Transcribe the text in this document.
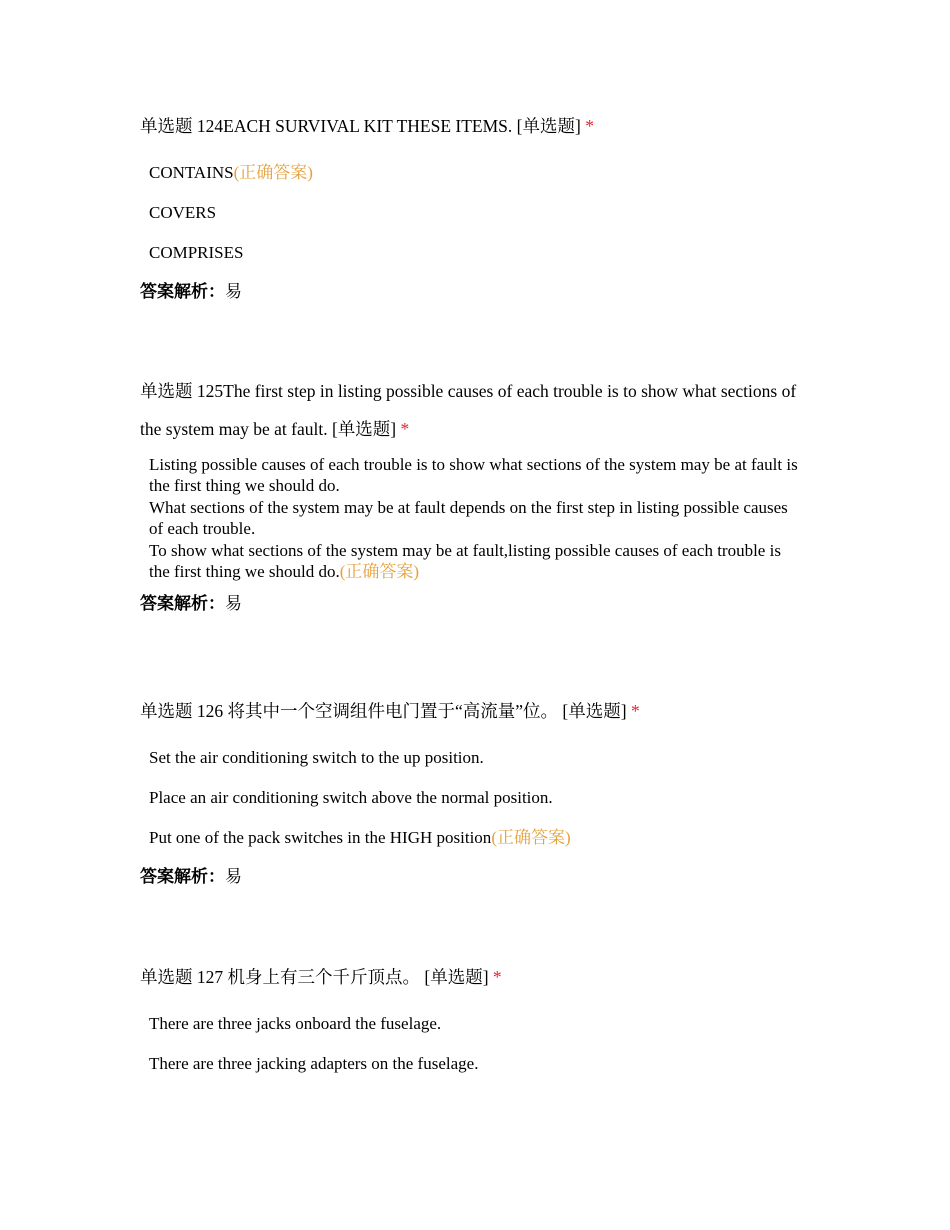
单选题 124EACH SURVIVAL KIT THESE ITEMS. [单选题] *
CONTAINS(正确答案)
COVERS
COMPRISES
答案解析：易
单选题 125The first step in listing possible causes of each trouble is to show what sections of the system may be at fault. [单选题] *
Listing possible causes of each trouble is to show what sections of the system may be at fault is the first thing we should do.
What sections of the system may be at fault depends on the first step in listing possible causes of each trouble.
To show what sections of the system may be at fault,listing possible causes of each trouble is the first thing we should do.(正确答案)
答案解析：易
单选题 126 将其中一个空调组件电门置于“高流量”位。 [单选题] *
Set the air conditioning switch to the up position.
Place an air conditioning switch above the normal position.
Put one of the pack switches in the HIGH position(正确答案)
答案解析：易
单选题 127 机身上有三个千斤顶点。 [单选题] *
There are three jacks onboard the fuselage.
There are three jacking adapters on the fuselage.
